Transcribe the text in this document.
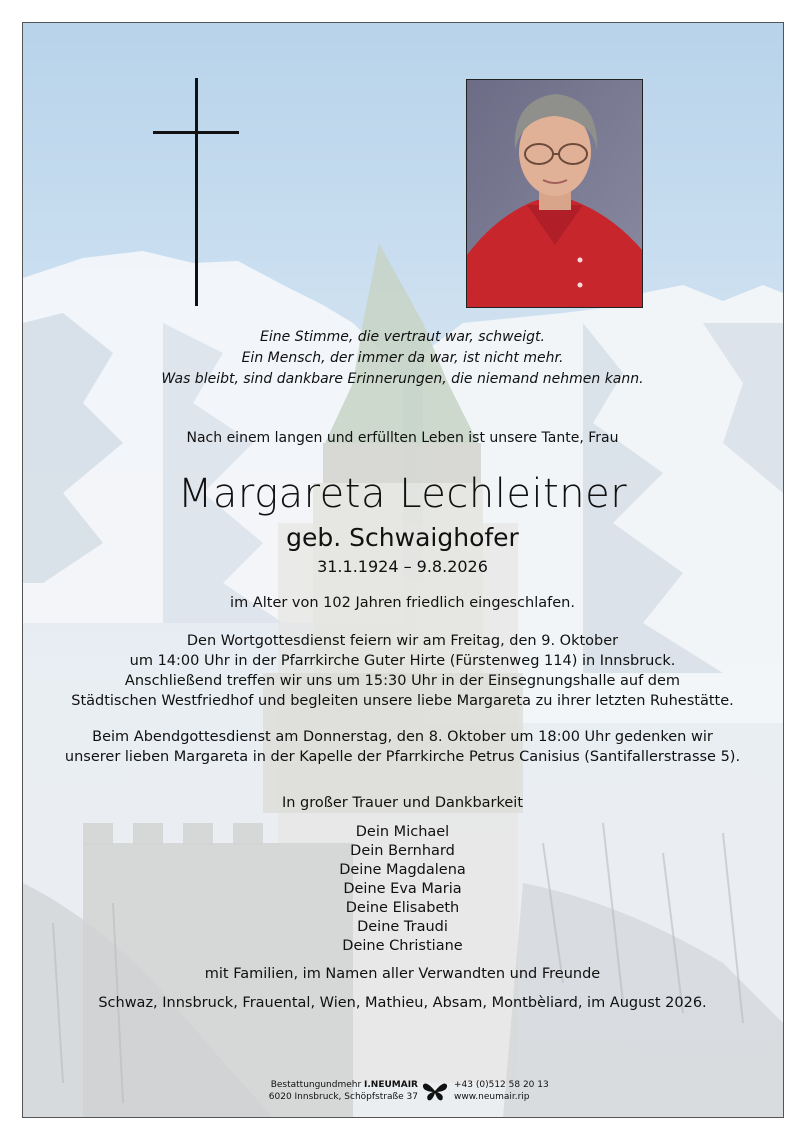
Eine Stimme, die vertraut war, schweigt.
Ein Mensch, der immer da war, ist nicht mehr.
Was bleibt, sind dankbare Erinnerungen, die niemand nehmen kann.
Nach einem langen und erfüllten Leben ist unsere Tante, Frau
Margareta Lechleitner
geb. Schwaighofer
31.1.1924 – 9.8.2026
im Alter von 102 Jahren friedlich eingeschlafen.
Den Wortgottesdienst feiern wir am Freitag, den 9. Oktober
um 14:00 Uhr in der Pfarrkirche Guter Hirte (Fürstenweg 114) in Innsbruck.
Anschließend treffen wir uns um 15:30 Uhr in der Einsegnungshalle auf dem
Städtischen Westfriedhof und begleiten unsere liebe Margareta zu ihrer letzten Ruhestätte.
Beim Abendgottesdienst am Donnerstag, den 8. Oktober um 18:00 Uhr gedenken wir
unserer lieben Margareta in der Kapelle der Pfarrkirche Petrus Canisius (Santifallerstrasse 5).
In großer Trauer und Dankbarkeit
Dein Michael
Dein Bernhard
Deine Magdalena
Deine Eva Maria
Deine Elisabeth
Deine Traudi
Deine Christiane
mit Familien, im Namen aller Verwandten und Freunde
Schwaz, Innsbruck, Frauental, Wien, Mathieu, Absam, Montbèliard, im August 2026.
Bestattungundmehr I.NEUMAIR
6020 Innsbruck, Schöpfstraße 37
+43 (0)512 58 20 13
www.neumair.rip
